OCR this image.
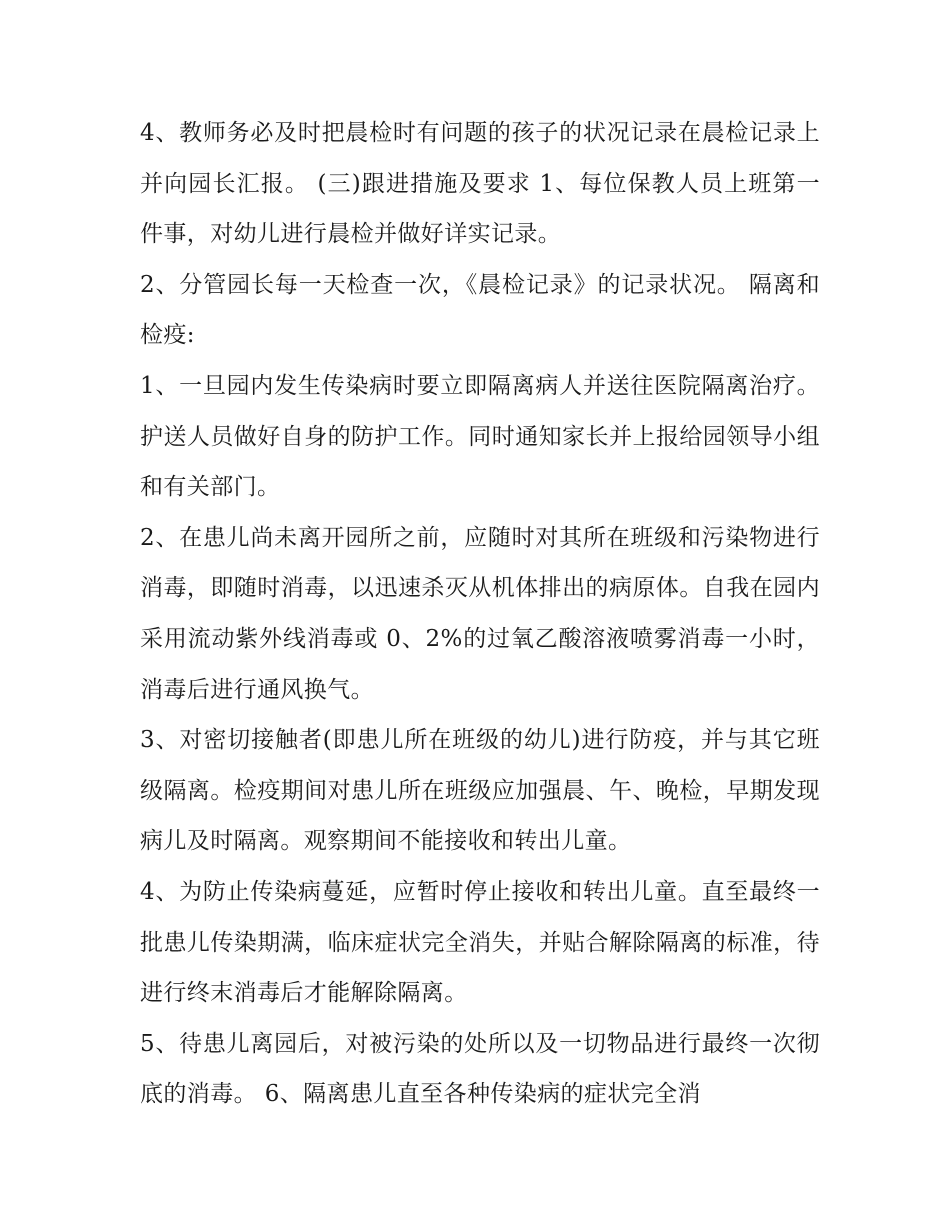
4、教师务必及时把晨检时有问题的孩子的状况记录在晨检记录上并向园长汇报。 (三)跟进措施及要求 1、每位保教人员上班第一件事，对幼儿进行晨检并做好详实记录。

2、分管园长每一天检查一次，《晨检记录》的记录状况。 隔离和检疫:

1、一旦园内发生传染病时要立即隔离病人并送往医院隔离治疗。护送人员做好自身的防护工作。同时通知家长并上报给园领导小组和有关部门。

2、在患儿尚未离开园所之前，应随时对其所在班级和污染物进行消毒，即随时消毒，以迅速杀灭从机体排出的病原体。自我在园内采用流动紫外线消毒或 0、2%的过氧乙酸溶液喷雾消毒一小时，消毒后进行通风换气。

3、对密切接触者(即患儿所在班级的幼儿)进行防疫，并与其它班级隔离。检疫期间对患儿所在班级应加强晨、午、晚检，早期发现病儿及时隔离。观察期间不能接收和转出儿童。

4、为防止传染病蔓延，应暂时停止接收和转出儿童。直至最终一批患儿传染期满，临床症状完全消失，并贴合解除隔离的标准，待进行终末消毒后才能解除隔离。

5、待患儿离园后，对被污染的处所以及一切物品进行最终一次彻底的消毒。 6、隔离患儿直至各种传染病的症状完全消
